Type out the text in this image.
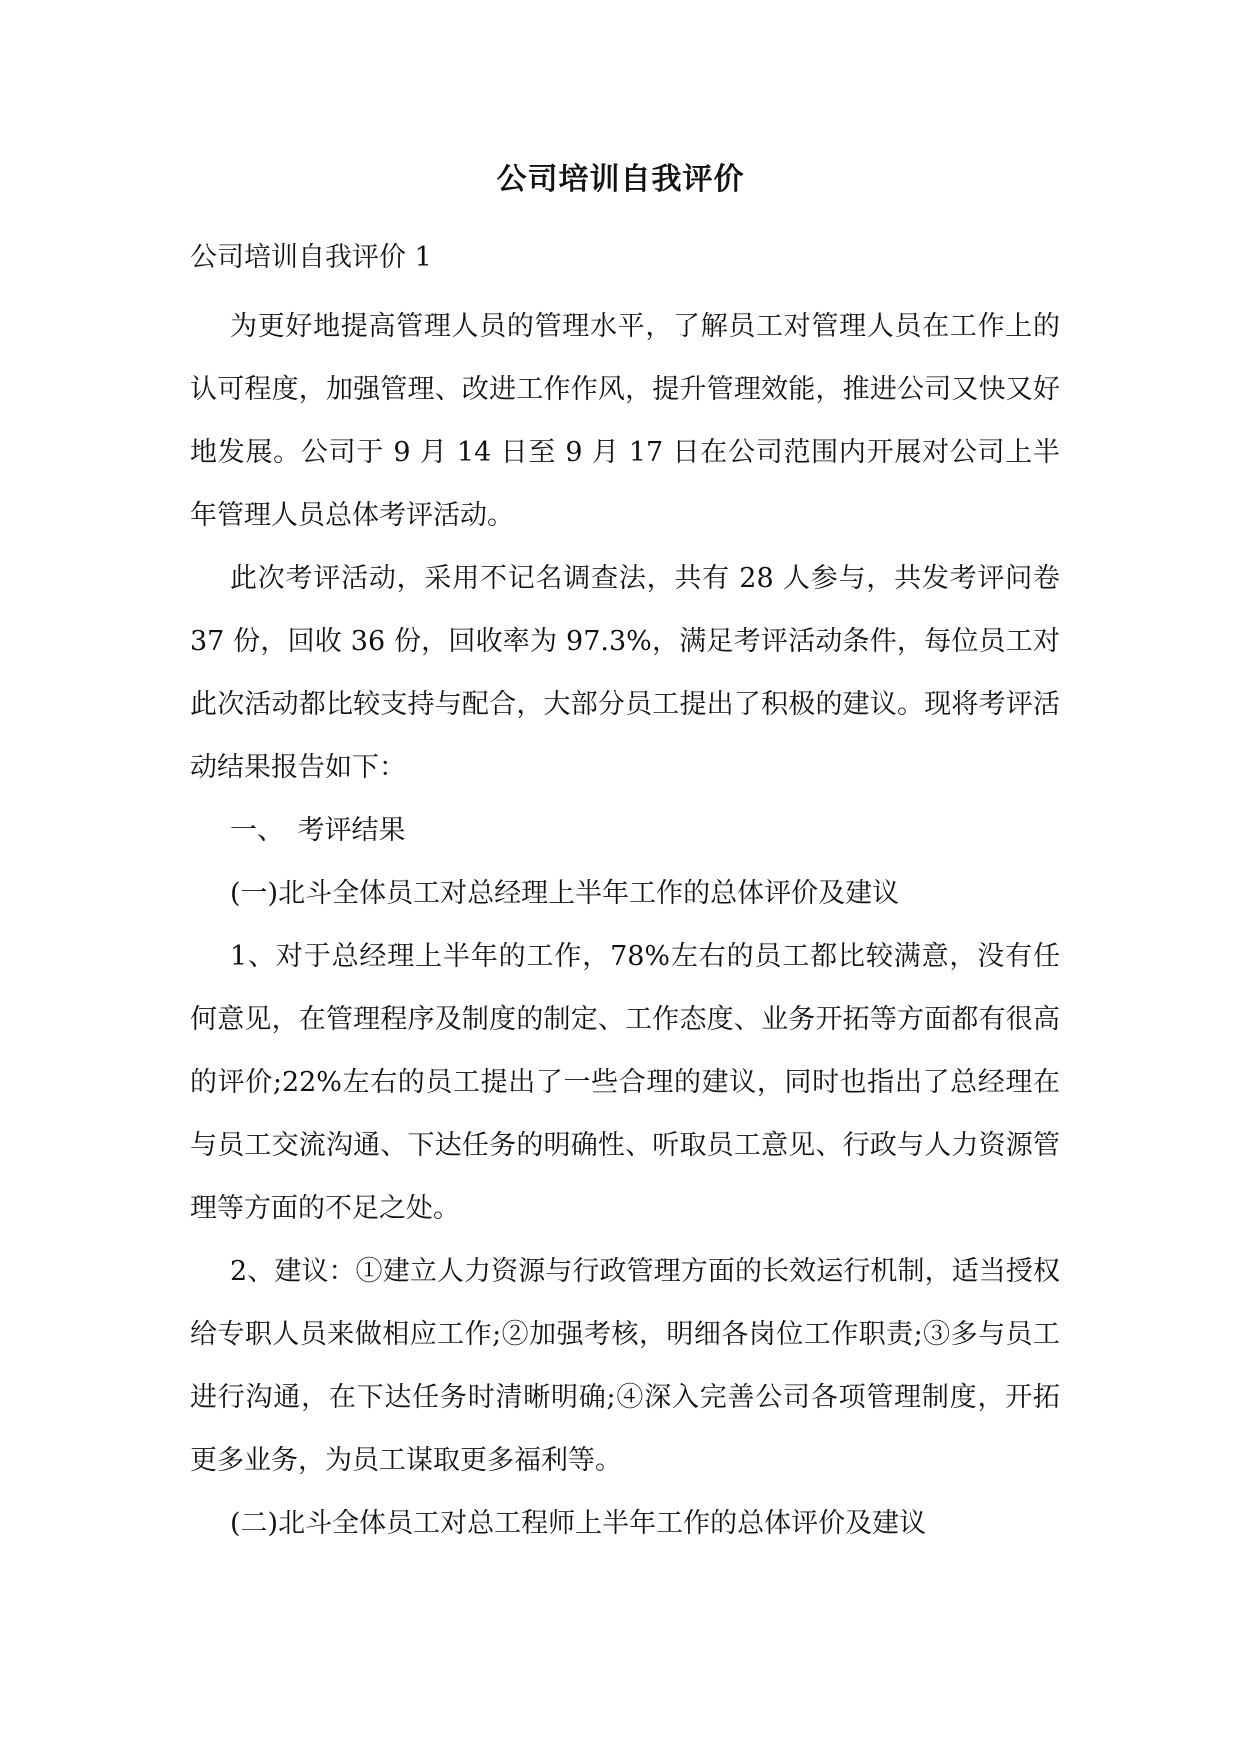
公司培训自我评价

公司培训自我评价 1

为更好地提高管理人员的管理水平，了解员工对管理人员在工作上的认可程度，加强管理、改进工作作风，提升管理效能，推进公司又快又好地发展。公司于 9 月 14 日至 9 月 17 日在公司范围内开展对公司上半年管理人员总体考评活动。

此次考评活动，采用不记名调查法，共有 28 人参与，共发考评问卷 37 份，回收 36 份，回收率为 97.3%，满足考评活动条件，每位员工对此次活动都比较支持与配合，大部分员工提出了积极的建议。现将考评活动结果报告如下：

一、　考评结果

(一)北斗全体员工对总经理上半年工作的总体评价及建议

1、对于总经理上半年的工作，78%左右的员工都比较满意，没有任何意见，在管理程序及制度的制定、工作态度、业务开拓等方面都有很高的评价;22%左右的员工提出了一些合理的建议，同时也指出了总经理在与员工交流沟通、下达任务的明确性、听取员工意见、行政与人力资源管理等方面的不足之处。

2、建议：①建立人力资源与行政管理方面的长效运行机制，适当授权给专职人员来做相应工作;②加强考核，明细各岗位工作职责;③多与员工进行沟通，在下达任务时清晰明确;④深入完善公司各项管理制度，开拓更多业务，为员工谋取更多福利等。

(二)北斗全体员工对总工程师上半年工作的总体评价及建议
